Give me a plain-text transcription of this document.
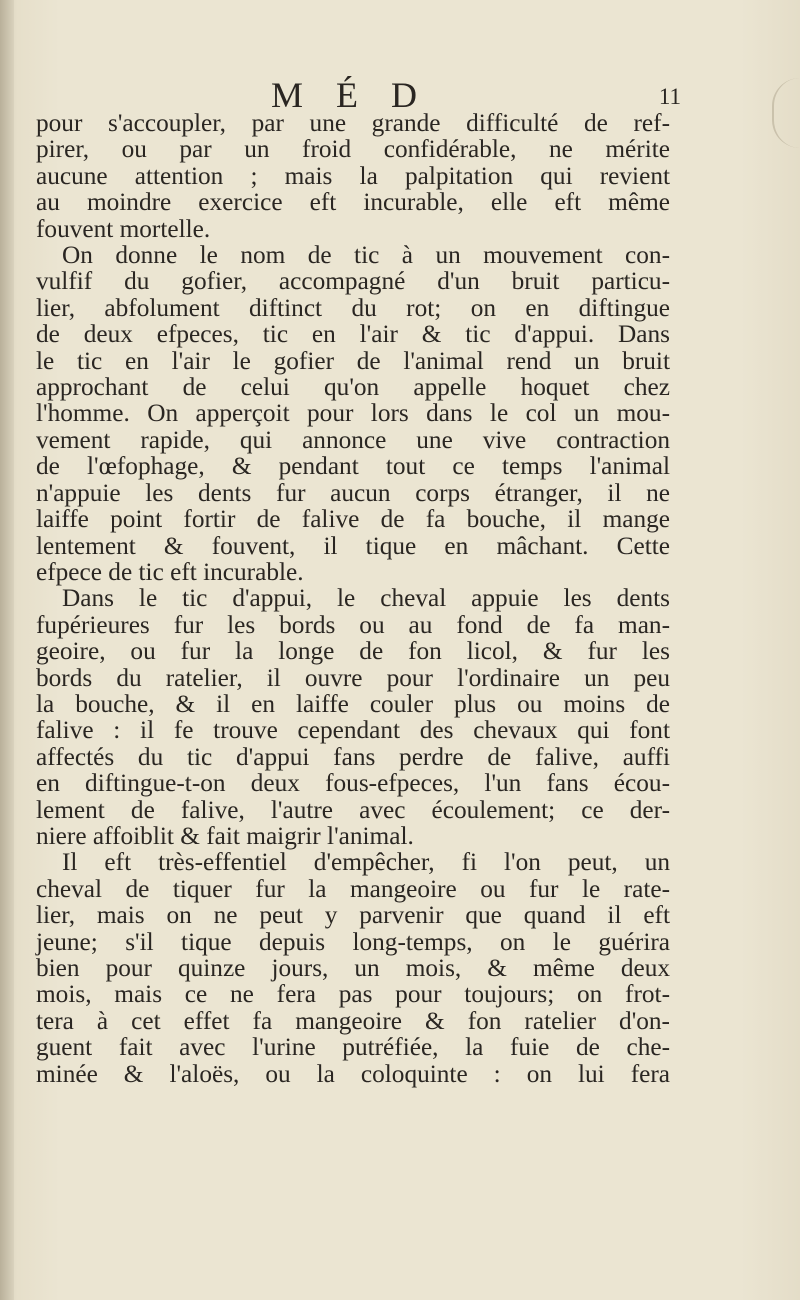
M É D	11
pour s'accoupler, par une grande difficulté de ref-
pirer, ou par un froid confidérable, ne mérite
aucune attention ; mais la palpitation qui revient
au moindre exercice eft incurable, elle eft même
fouvent mortelle.
On donne le nom de tic à un mouvement con-
vulfif du gofier, accompagné d'un bruit particu-
lier, abfolument diftinct du rot; on en diftingue
de deux efpeces, tic en l'air & tic d'appui. Dans
le tic en l'air le gofier de l'animal rend un bruit
approchant de celui qu'on appelle hoquet chez
l'homme. On apperçoit pour lors dans le col un mou-
vement rapide, qui annonce une vive contraction
de l'œfophage, & pendant tout ce temps l'animal
n'appuie les dents fur aucun corps étranger, il ne
laiffe point fortir de falive de fa bouche, il mange
lentement & fouvent, il tique en mâchant. Cette
efpece de tic eft incurable.
Dans le tic d'appui, le cheval appuie les dents
fupérieures fur les bords ou au fond de fa man-
geoire, ou fur la longe de fon licol, & fur les
bords du ratelier, il ouvre pour l'ordinaire un peu
la bouche, & il en laiffe couler plus ou moins de
falive : il fe trouve cependant des chevaux qui font
affectés du tic d'appui fans perdre de falive, auffi
en diftingue-t-on deux fous-efpeces, l'un fans écou-
lement de falive, l'autre avec écoulement; ce der-
niere affoiblit & fait maigrir l'animal.
Il eft très-effentiel d'empêcher, fi l'on peut, un
cheval de tiquer fur la mangeoire ou fur le rate-
lier, mais on ne peut y parvenir que quand il eft
jeune; s'il tique depuis long-temps, on le guérira
bien pour quinze jours, un mois, & même deux
mois, mais ce ne fera pas pour toujours; on frot-
tera à cet effet fa mangeoire & fon ratelier d'on-
guent fait avec l'urine putréfiée, la fuie de che-
minée & l'aloës, ou la coloquinte : on lui fera
